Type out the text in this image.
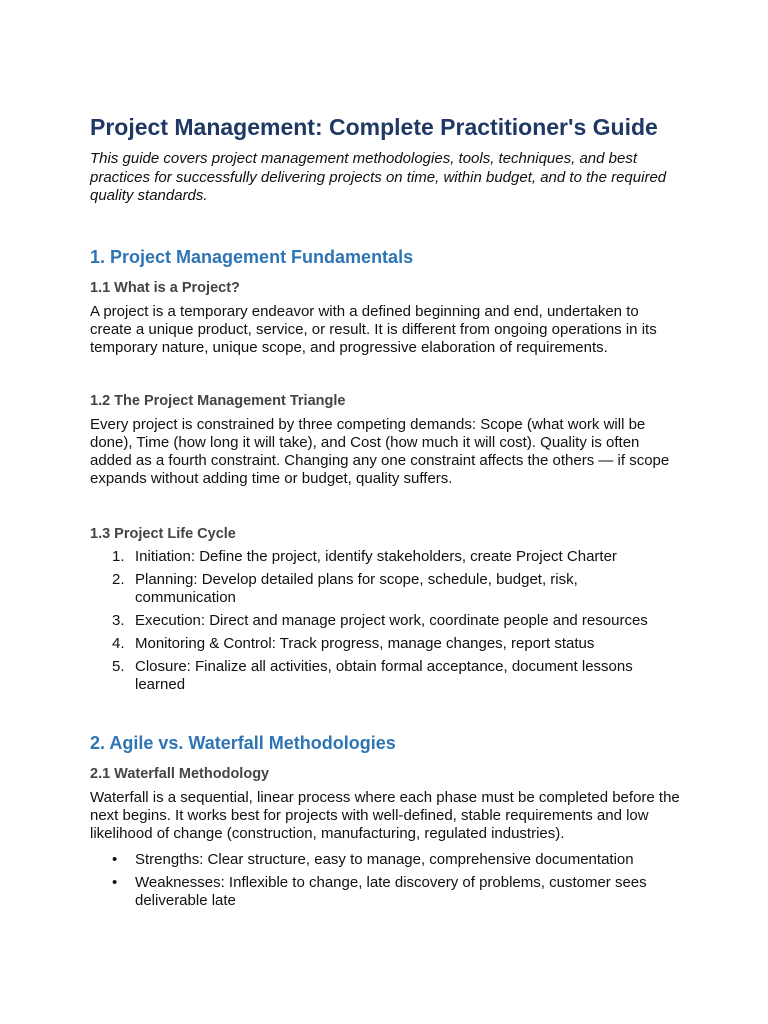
Project Management: Complete Practitioner's Guide

This guide covers project management methodologies, tools, techniques, and best practices for successfully delivering projects on time, within budget, and to the required quality standards.

1. Project Management Fundamentals
1.1 What is a Project?

A project is a temporary endeavor with a defined beginning and end, undertaken to create a unique product, service, or result. It is different from ongoing operations in its temporary nature, unique scope, and progressive elaboration of requirements.

1.2 The Project Management Triangle

Every project is constrained by three competing demands: Scope (what work will be done), Time (how long it will take), and Cost (how much it will cost). Quality is often added as a fourth constraint. Changing any one constraint affects the others — if scope expands without adding time or budget, quality suffers.

1.3 Project Life Cycle
1. Initiation: Define the project, identify stakeholders, create Project Charter
2. Planning: Develop detailed plans for scope, schedule, budget, risk, communication
3. Execution: Direct and manage project work, coordinate people and resources
4. Monitoring & Control: Track progress, manage changes, report status
5. Closure: Finalize all activities, obtain formal acceptance, document lessons learned
2. Agile vs. Waterfall Methodologies
2.1 Waterfall Methodology

Waterfall is a sequential, linear process where each phase must be completed before the next begins. It works best for projects with well-defined, stable requirements and low likelihood of change (construction, manufacturing, regulated industries).

• Strengths: Clear structure, easy to manage, comprehensive documentation
• Weaknesses: Inflexible to change, late discovery of problems, customer sees deliverable late
